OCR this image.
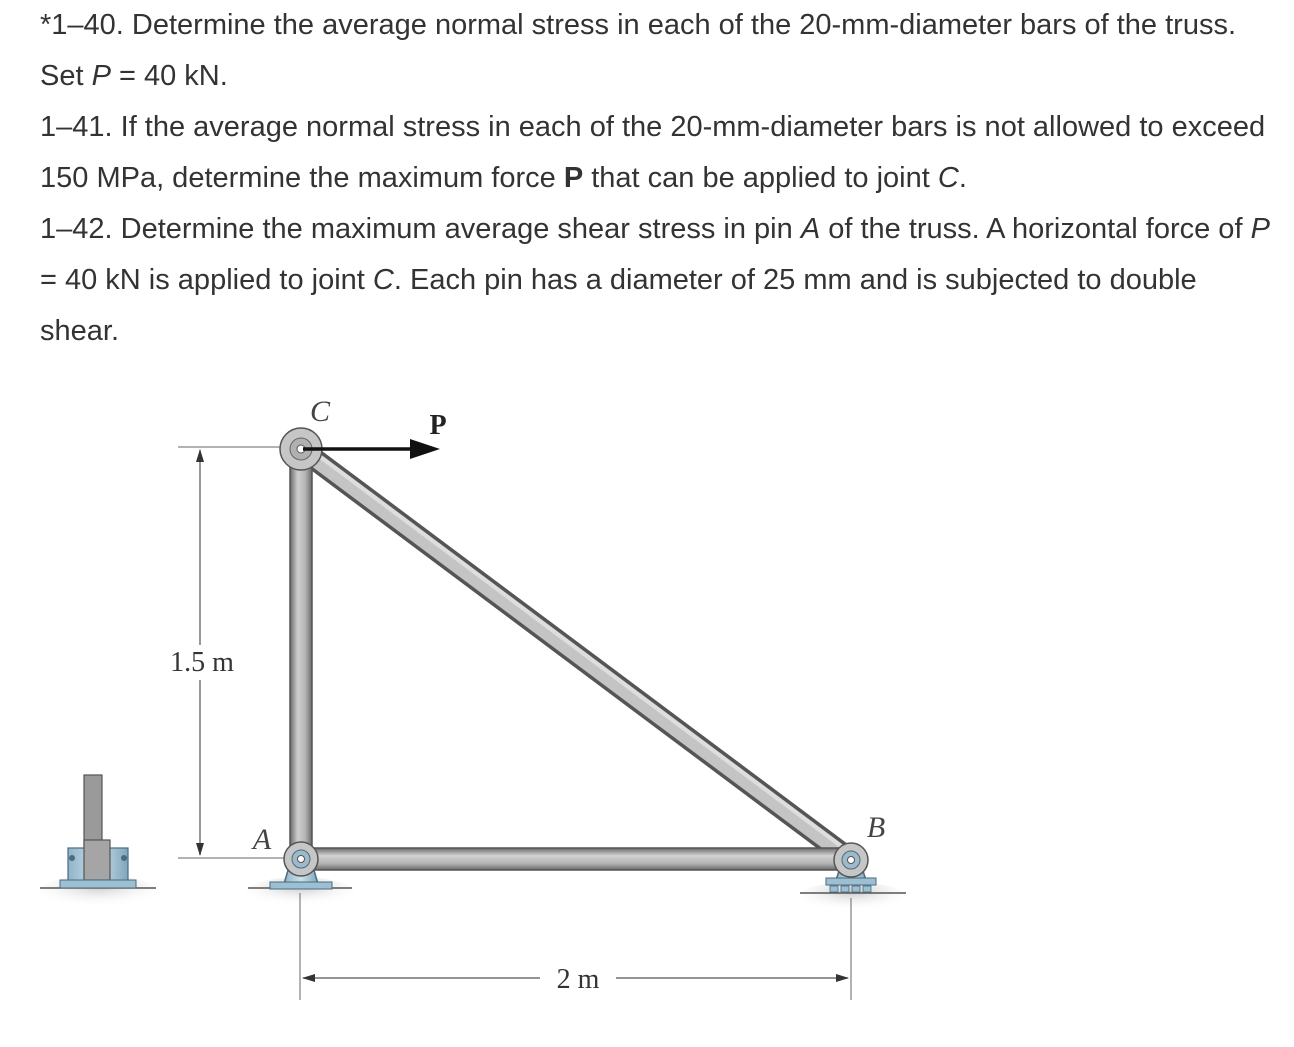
*1–40. Determine the average normal stress in each of the 20-mm-diameter bars of the truss. Set P = 40 kN.

1–41. If the average normal stress in each of the 20-mm-diameter bars is not allowed to exceed 150 MPa, determine the maximum force P that can be applied to joint C.

1–42. Determine the maximum average shear stress in pin A of the truss. A horizontal force of P = 40 kN is applied to joint C. Each pin has a diameter of 25 mm and is subjected to double shear.

1.5 m
C	P
A	B
2 m
